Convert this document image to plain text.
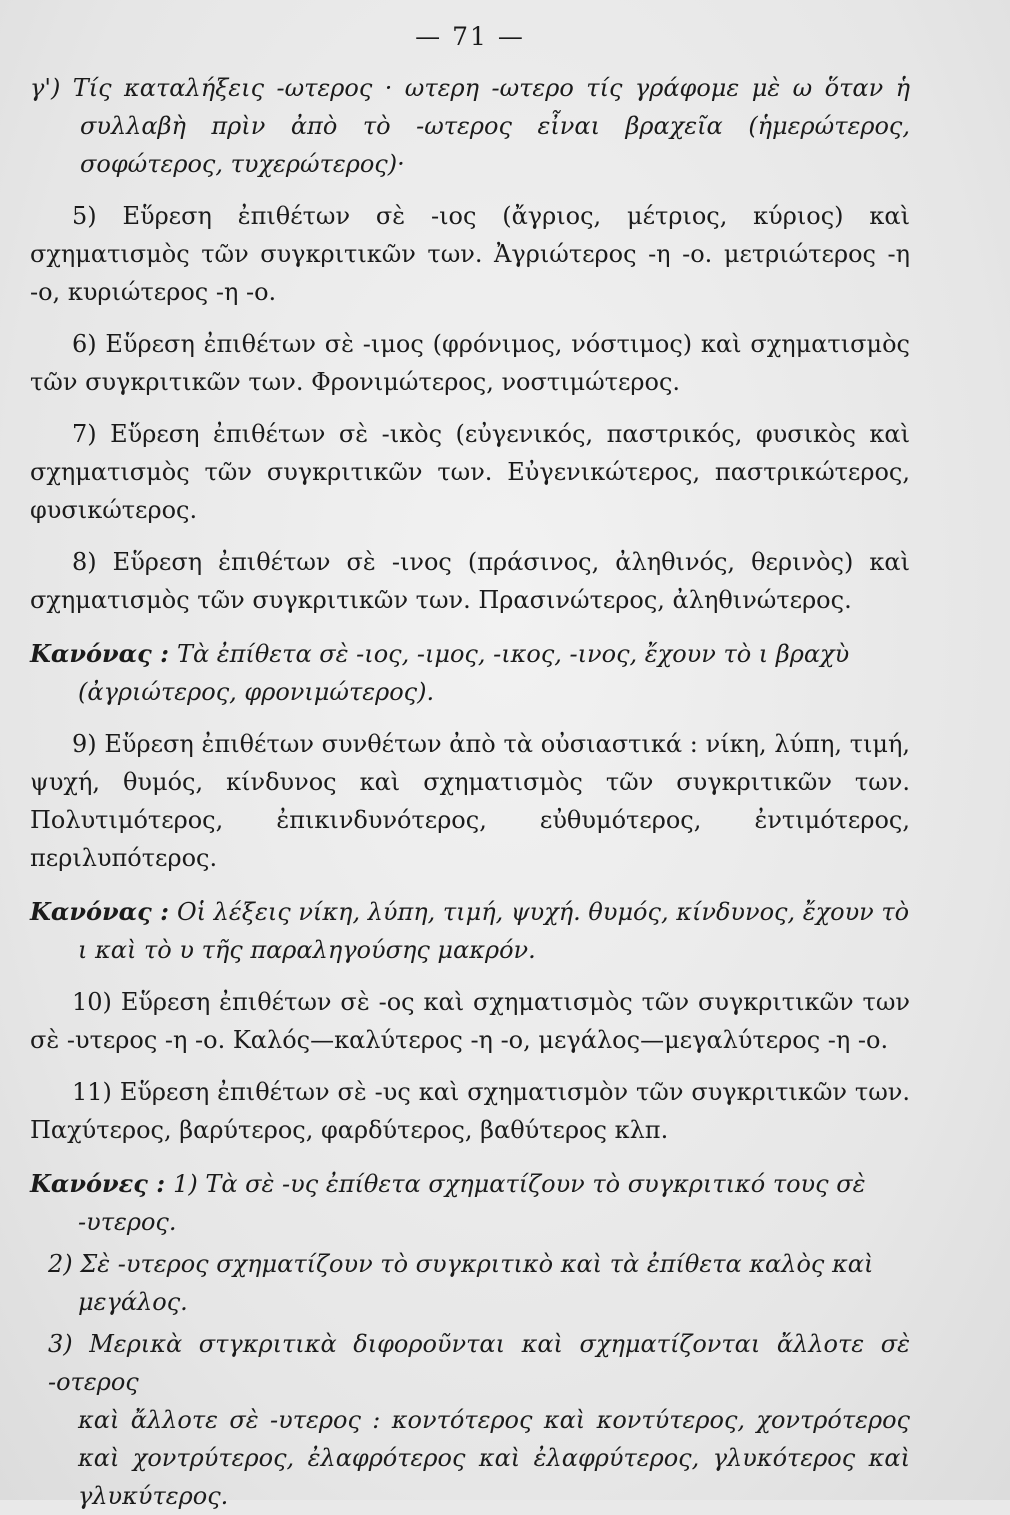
— 71 —

γ') Τίς καταλήξεις -ωτερος · ωτερη -ωτερο τίς γράφομε μὲ ω ὅταν ἡ συλλαβὴ πρὶν ἀπὸ τὸ -ωτερος εἶναι βραχεῖα (ἡμερώτερος, σοφώτερος, τυχερώτερος)·

5) Εὕρεση ἐπιθέτων σὲ -ιος (ἄγριος, μέτριος, κύριος) καὶ σχηματισμὸς τῶν συγκριτικῶν των. Ἀγριώτερος -η -ο. μετριώτερος -η -ο, κυριώτερος -η -ο.

6) Εὕρεση ἐπιθέτων σὲ -ιμος (φρόνιμος, νόστιμος) καὶ σχηματισμὸς τῶν συγκριτικῶν των. Φρονιμώτερος, νοστιμώτερος.

7) Εὕρεση ἐπιθέτων σὲ -ικὸς (εὐγενικός, παστρικός, φυσικὸς καὶ σχηματισμὸς τῶν συγκριτικῶν των. Εὐγενικώτερος, παστρικώτερος, φυσικώτερος.

8) Εὕρεση ἐπιθέτων σὲ -ινος (πράσινος, ἀληθινός, θερινὸς) καὶ σχηματισμὸς τῶν συγκριτικῶν των. Πρασινώτερος, ἀληθινώτερος.

Κανόνας : Τὰ ἐπίθετα σὲ -ιος, -ιμος, -ικος, -ινος, ἔχουν τὸ ι βραχὺ

(ἀγριώτερος, φρονιμώτερος).

9) Εὕρεση ἐπιθέτων συνθέτων ἀπὸ τὰ οὐσιαστικά : νίκη, λύπη, τιμή, ψυχή, θυμός, κίνδυνος καὶ σχηματισμὸς τῶν συγκριτικῶν των. Πολυτιμότερος, ἐπικινδυνότερος, εὐθυμότερος, ἐντιμότερος, περιλυπότερος.

Κανόνας : Οἱ λέξεις νίκη, λύπη, τιμή, ψυχή. θυμός, κίνδυνος, ἔχουν τὸ

ι καὶ τὸ υ τῆς παραληγούσης μακρόν.

10) Εὕρεση ἐπιθέτων σὲ -ος καὶ σχηματισμὸς τῶν συγκριτικῶν των σὲ -υτερος -η -ο. Καλός—καλύτερος -η -ο, μεγάλος—μεγαλύτερος -η -ο.

11) Εὕρεση ἐπιθέτων σὲ -υς καὶ σχηματισμὸν τῶν συγκριτικῶν των. Παχύτερος, βαρύτερος, φαρδύτερος, βαθύτερος κλπ.

Κανόνες : 1) Τὰ σὲ -υς ἐπίθετα σχηματίζουν τὸ συγκριτικό τους σὲ

-υτερος.

2) Σὲ -υτερος σχηματίζουν τὸ συγκριτικὸ καὶ τὰ ἐπίθετα καλὸς καὶ

μεγάλος.

3) Μερικὰ στγκριτικὰ διφοροῦνται καὶ σχηματίζονται ἄλλοτε σὲ -οτερος

καὶ ἄλλοτε σὲ -υτερος : κοντότερος καὶ κοντύτερος, χοντρότερος καὶ χοντρύτερος, ἐλαφρότερος καὶ ἐλαφρύτερος, γλυκότερος καὶ γλυκύτερος.
